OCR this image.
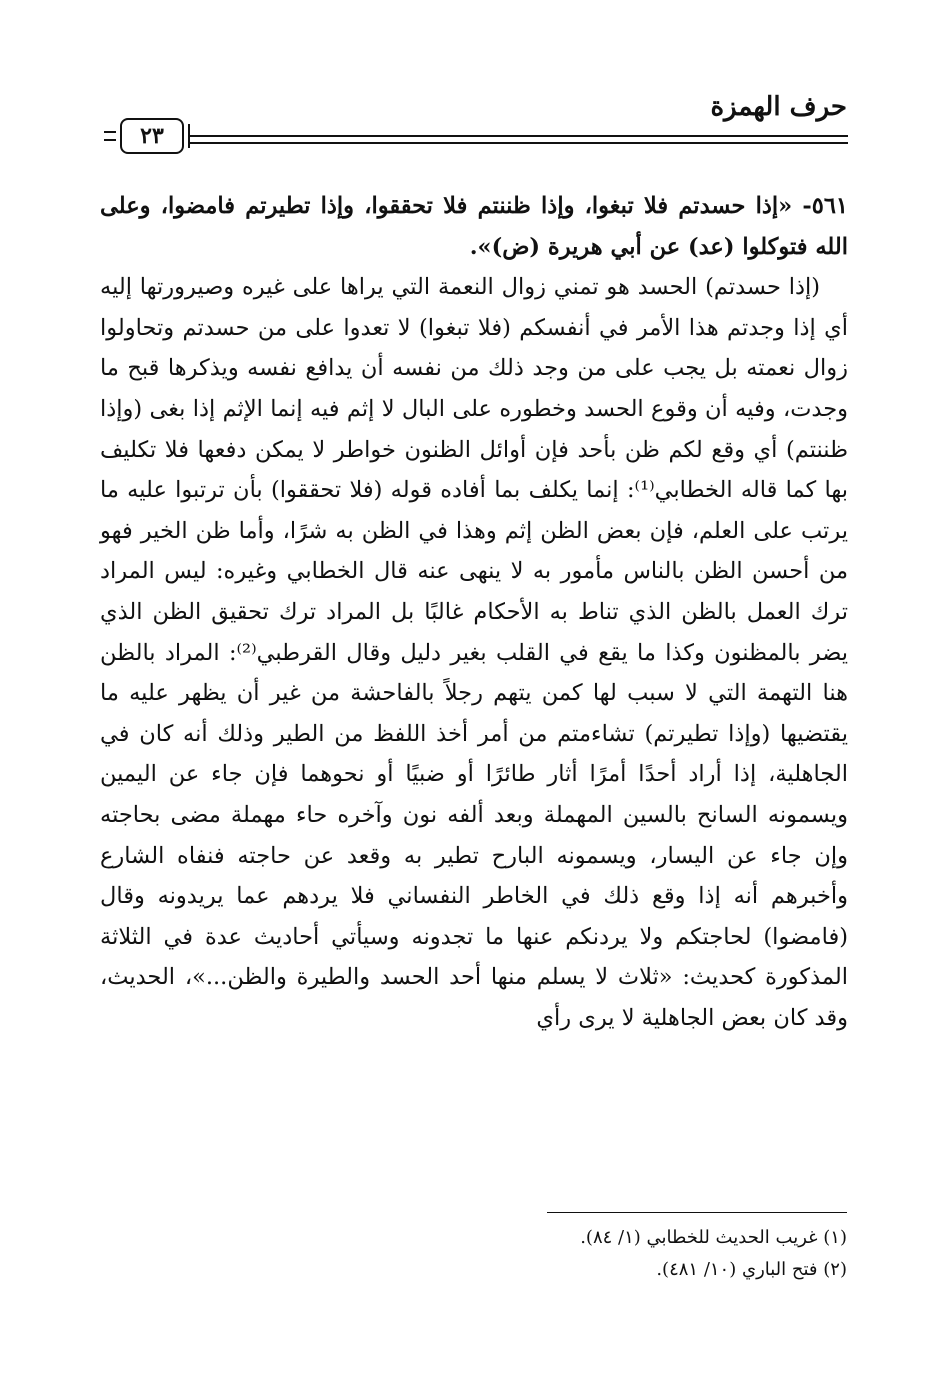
حرف الهمزة
٢٣

٥٦١- «إذا حسدتم فلا تبغوا، وإذا ظننتم فلا تحققوا، وإذا تطيرتم فامضوا، وعلى الله فتوكلوا (عد) عن أبي هريرة (ض)».

(إذا حسدتم) الحسد هو تمني زوال النعمة التي يراها على غيره وصيرورتها إليه أي إذا وجدتم هذا الأمر في أنفسكم (فلا تبغوا) لا تعدوا على من حسدتم وتحاولوا زوال نعمته بل يجب على من وجد ذلك من نفسه أن يدافع نفسه ويذكرها قبح ما وجدت، وفيه أن وقوع الحسد وخطوره على البال لا إثم فيه إنما الإثم إذا بغى (وإذا ظننتم) أي وقع لكم ظن بأحد فإن أوائل الظنون خواطر لا يمكن دفعها فلا تكليف بها كما قاله الخطابي⁽¹⁾: إنما يكلف بما أفاده قوله (فلا تحققوا) بأن ترتبوا عليه ما يرتب على العلم، فإن بعض الظن إثم وهذا في الظن به شرًا، وأما ظن الخير فهو من أحسن الظن بالناس مأمور به لا ينهى عنه قال الخطابي وغيره: ليس المراد ترك العمل بالظن الذي تناط به الأحكام غالبًا بل المراد ترك تحقيق الظن الذي يضر بالمظنون وكذا ما يقع في القلب بغير دليل وقال القرطبي⁽²⁾: المراد بالظن هنا التهمة التي لا سبب لها كمن يتهم رجلاً بالفاحشة من غير أن يظهر عليه ما يقتضيها (وإذا تطيرتم) تشاءمتم من أمر أخذ اللفظ من الطير وذلك أنه كان في الجاهلية، إذا أراد أحدًا أمرًا أثار طائرًا أو ضبيًا أو نحوهما فإن جاء عن اليمين ويسمونه السانح بالسين المهملة وبعد ألفه نون وآخره حاء مهملة مضى بحاجته وإن جاء عن اليسار، ويسمونه البارح تطير به وقعد عن حاجته فنفاه الشارع وأخبرهم أنه إذا وقع ذلك في الخاطر النفساني فلا يردهم عما يريدونه وقال (فامضوا) لحاجتكم ولا يردنكم عنها ما تجدونه وسيأتي أحاديث عدة في الثلاثة المذكورة كحديث: «ثلاث لا يسلم منها أحد الحسد والطيرة والظن...»، الحديث، وقد كان بعض الجاهلية لا يرى رأي

(١) غريب الحديث للخطابي (١/ ٨٤).
(٢) فتح الباري (١٠/ ٤٨١).
